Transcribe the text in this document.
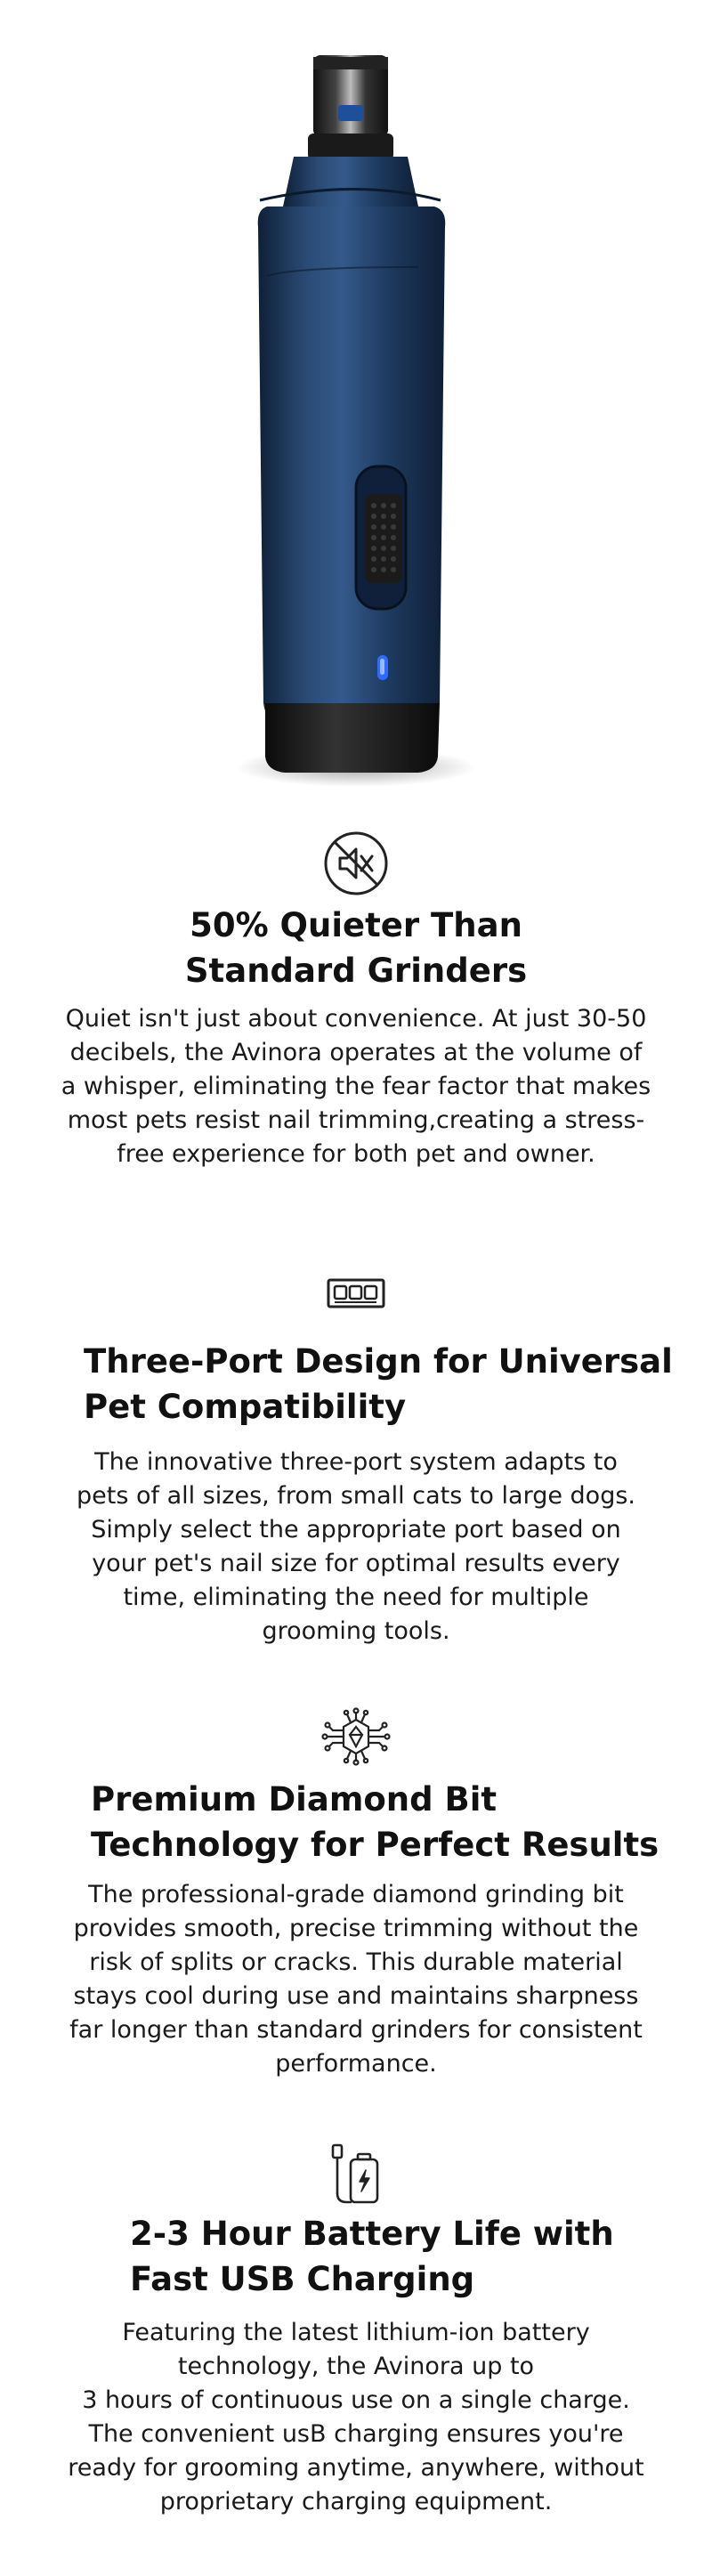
50% Quieter Than
Standard Grinders

Quiet isn't just about convenience. At just 30-50
decibels, the Avinora operates at the volume of
a whisper, eliminating the fear factor that makes
most pets resist nail trimming,creating a stress-
free experience for both pet and owner.

Three-Port Design for Universal
Pet Compatibility

The innovative three-port system adapts to
pets of all sizes, from small cats to large dogs.
Simply select the appropriate port based on
your pet's nail size for optimal results every
time, eliminating the need for multiple
grooming tools.

Premium Diamond Bit
Technology for Perfect Results

The professional-grade diamond grinding bit
provides smooth, precise trimming without the
risk of splits or cracks. This durable material
stays cool during use and maintains sharpness
far longer than standard grinders for consistent
performance.

2-3 Hour Battery Life with
Fast USB Charging

Featuring the latest lithium-ion battery
technology, the Avinora up to
3 hours of continuous use on a single charge.
The convenient usB charging ensures you're
ready for grooming anytime, anywhere, without
proprietary charging equipment.
